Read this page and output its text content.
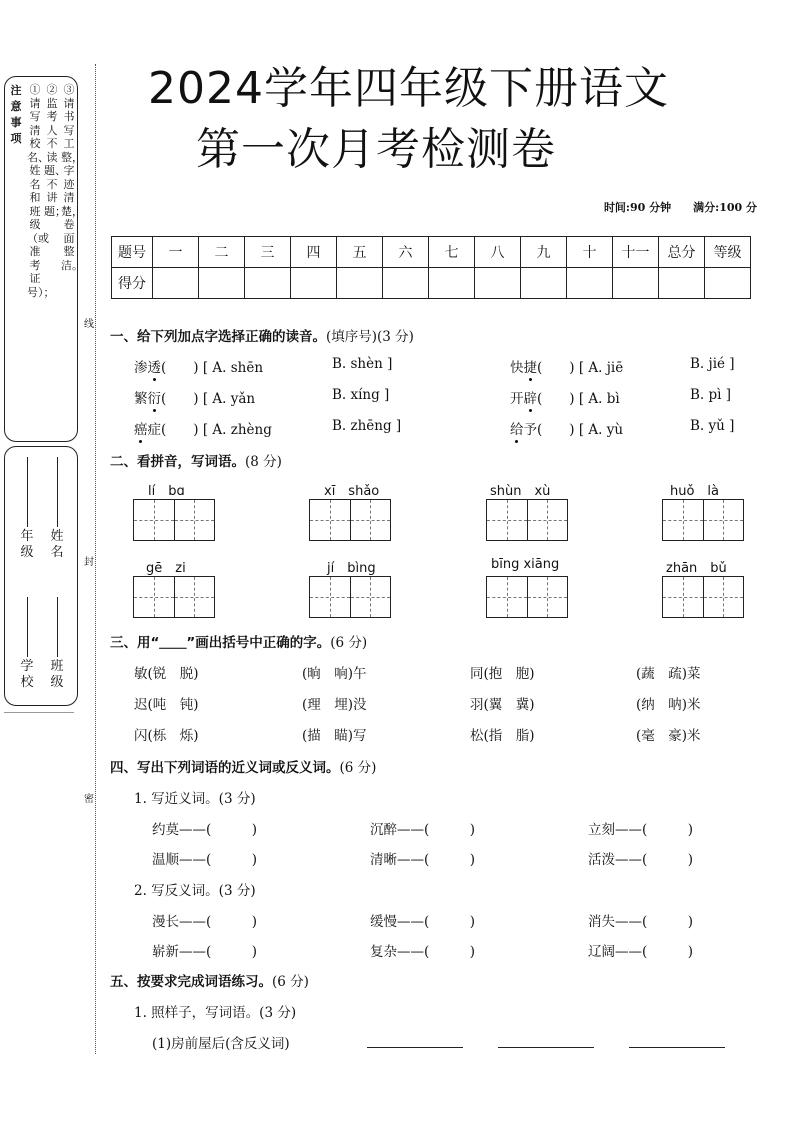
注意事项
①请写清校名、姓名和班级（或准考证号）；
②监考人不读题、不讲题；
③请书写工整，字迹清楚，卷面整洁。
学校
年级
班级
姓名
线
封
密
2024学年四年级下册语文
第一次月考检测卷
时间:90 分钟 满分:100 分
题号	一	二	三	四	五	六	七	八	九	十	十一	总分	等级
得分													
一、给下列加点字选择正确的读音。(填序号)(3 分)
渗透(　　) [ A. shēn	B. shèn ]	快捷(　　) [ A. jiē	B. jié ]
繁衍(　　) [ A. yǎn	B. xíng ]	开辟(　　) [ A. bì	B. pì ]
癌症(　　) [ A. zhèng	B. zhēng ]	给予(　　) [ A. yù	B. yǔ ]
二、看拼音，写词语。(8 分)
lí　bɑ	xī　shǎo	shùn　xù	huǒ　là
gē　zi	jí　bìng	bīng xiāng	zhān　bǔ
三、用“＿＿”画出括号中正确的字。(6 分)
敏(锐　脱)	(晌　响)午	同(抱　胞)	(蔬　疏)菜
迟(吨　钝)	(理　埋)没	羽(翼　冀)	(纳　呐)米
闪(栎　烁)	(描　瞄)写	松(指　脂)	(毫　豪)米
四、写出下列词语的近义词或反义词。(6 分)
1. 写近义词。(3 分)
约莫——(　　　)	沉醉——(　　　)	立刻——(　　　)
温顺——(　　　)	清晰——(　　　)	活泼——(　　　)
2. 写反义词。(3 分)
漫长——(　　　)	缓慢——(　　　)	消失——(　　　)
崭新——(　　　)	复杂——(　　　)	辽阔——(　　　)
五、按要求完成词语练习。(6 分)
1. 照样子，写词语。(3 分)
(1)房前屋后(含反义词)
